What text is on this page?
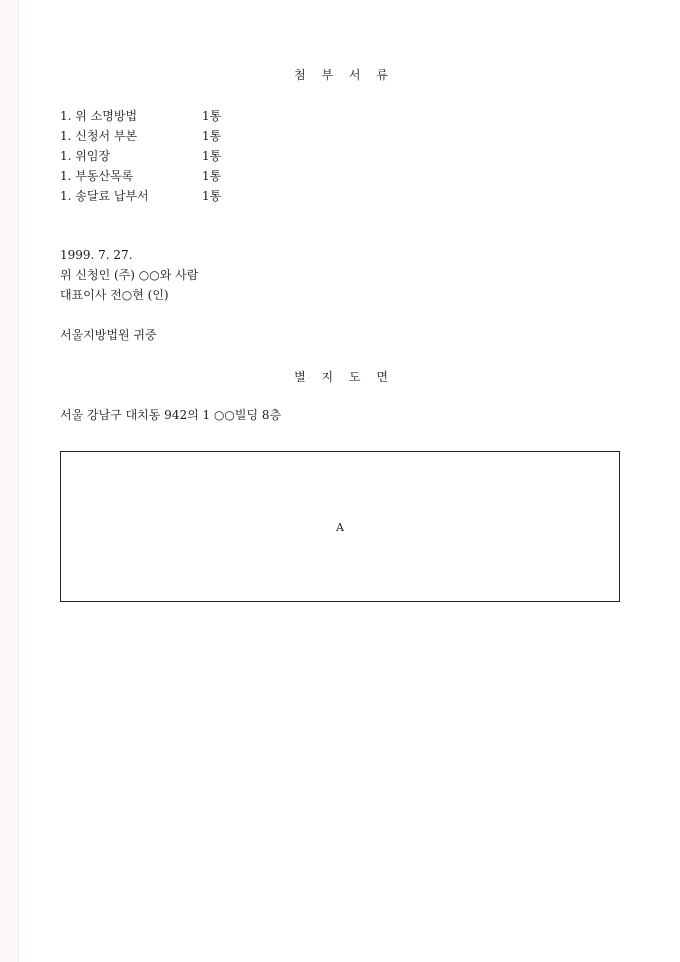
첨 부 서 류
1. 위 소명방법	1통
1. 신청서 부본	1통
1. 위임장	1통
1. 부동산목록	1통
1. 송달료 납부서	1통
1999. 7. 27.
위 신청인 (주) ○○와 사람
대표이사 전○현 (인)
서울지방법원 귀중
별 지 도 면
서울 강남구 대치동 942의 1 ○○빌딩 8층
A
